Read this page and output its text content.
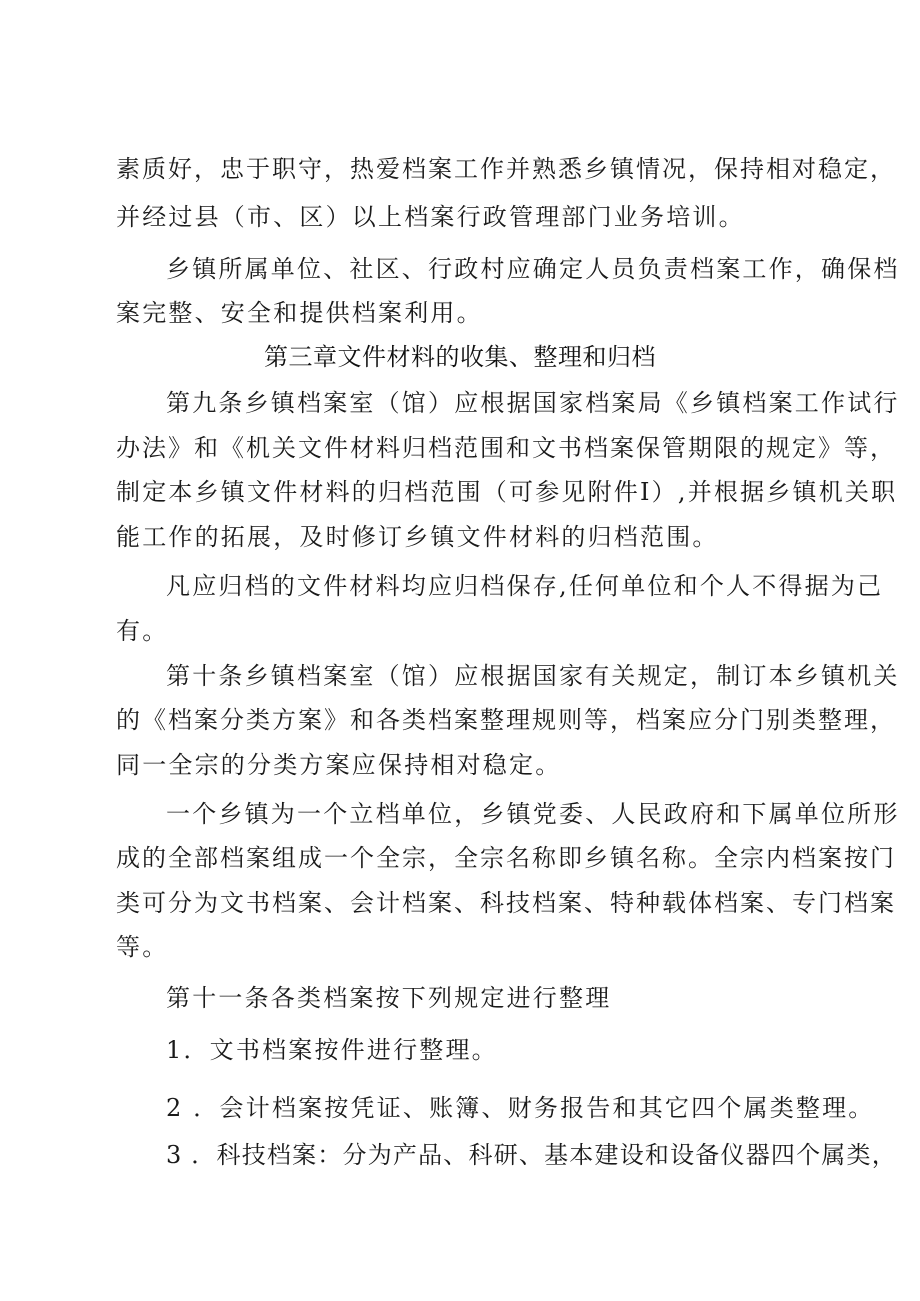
素质好，忠于职守，热爱档案工作并熟悉乡镇情况，保持相对稳定，
并经过县（市、区）以上档案行政管理部门业务培训。
乡镇所属单位、社区、行政村应确定人员负责档案工作，确保档
案完整、安全和提供档案利用。
第三章文件材料的收集、整理和归档
第九条乡镇档案室（馆）应根据国家档案局《乡镇档案工作试行
办法》和《机关文件材料归档范围和文书档案保管期限的规定》等，
制定本乡镇文件材料的归档范围（可参见附件I）,并根据乡镇机关职
能工作的拓展，及时修订乡镇文件材料的归档范围。
凡应归档的文件材料均应归档保存,任何单位和个人不得据为己
有。
第十条乡镇档案室（馆）应根据国家有关规定，制订本乡镇机关
的《档案分类方案》和各类档案整理规则等，档案应分门别类整理，
同一全宗的分类方案应保持相对稳定。
一个乡镇为一个立档单位，乡镇党委、人民政府和下属单位所形
成的全部档案组成一个全宗，全宗名称即乡镇名称。全宗内档案按门
类可分为文书档案、会计档案、科技档案、特种载体档案、专门档案
等。
第十一条各类档案按下列规定进行整理
1．文书档案按件进行整理。
2 ．会计档案按凭证、账簿、财务报告和其它四个属类整理。
3 ．科技档案：分为产品、科研、基本建设和设备仪器四个属类，
